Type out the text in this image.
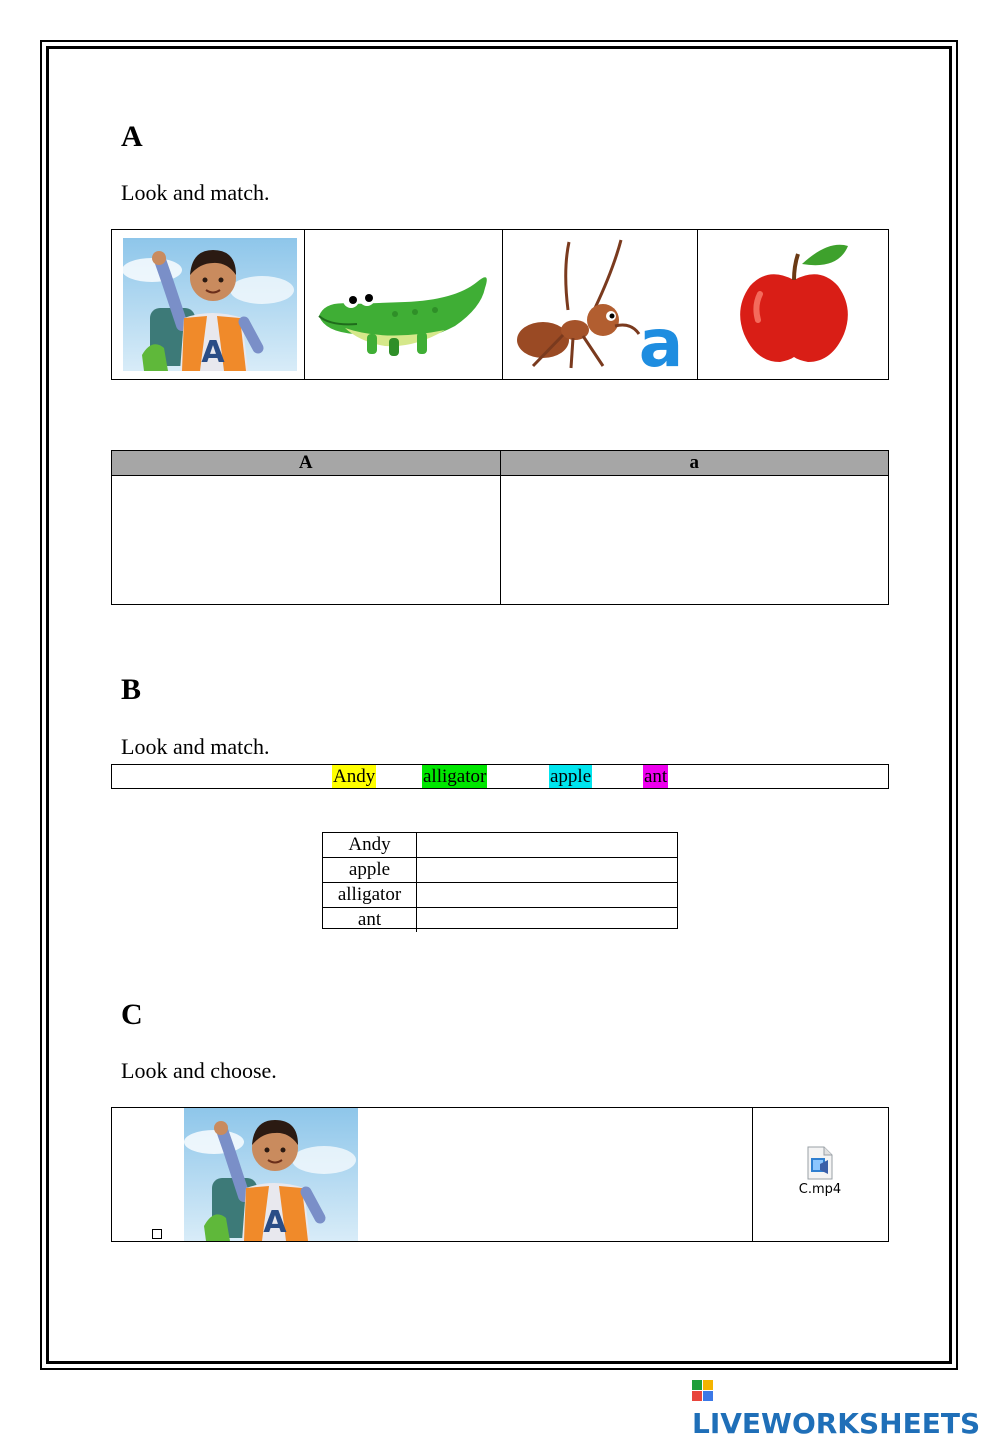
A
Look and match.
A	a
A	a
B
Look and match.
Andy	alligator	apple	ant
Andy
apple
alligator
ant
C
Look and choose.
A
C.mp4
LIVEWORKSHEETS
